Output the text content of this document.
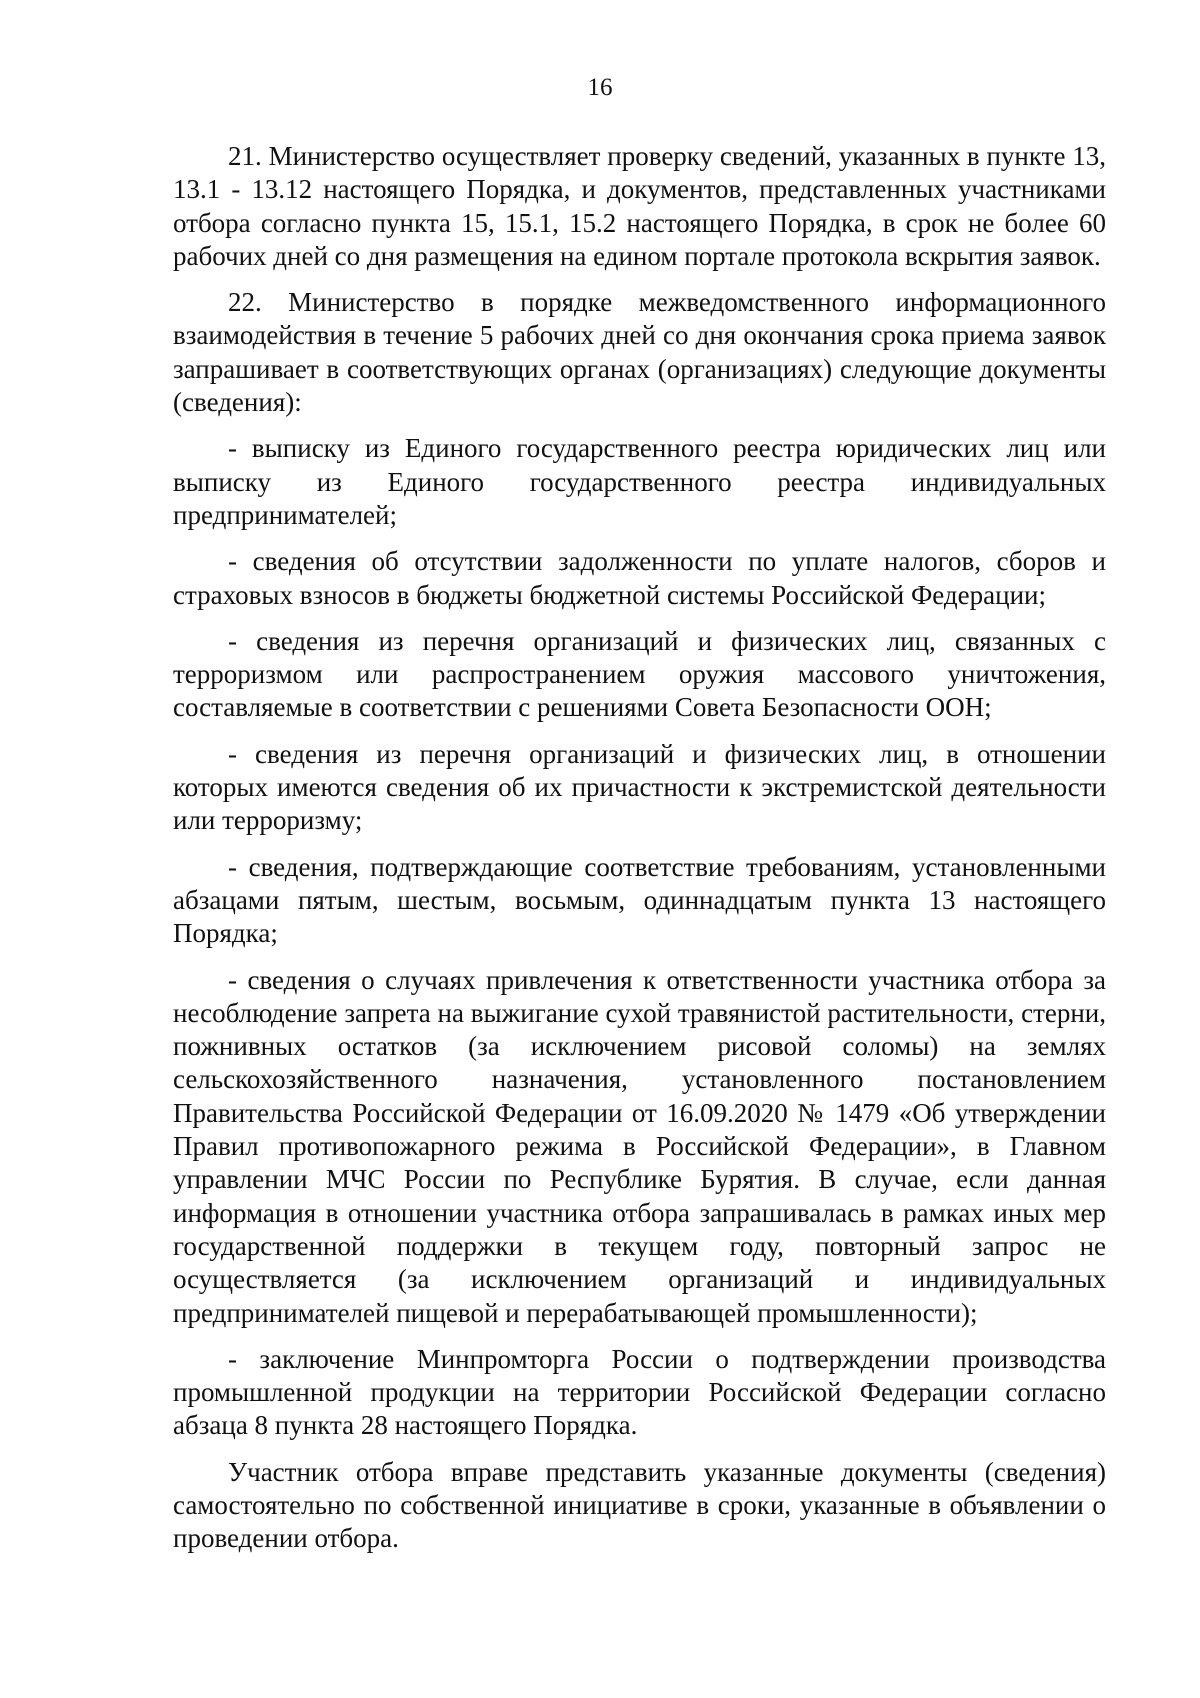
16

21. Министерство осуществляет проверку сведений, указанных в пункте 13, 13.1 - 13.12 настоящего Порядка, и документов, представленных участниками отбора согласно пункта 15, 15.1, 15.2 настоящего Порядка, в срок не более 60 рабочих дней со дня размещения на едином портале протокола вскрытия заявок.

22. Министерство в порядке межведомственного информационного взаимодействия в течение 5 рабочих дней со дня окончания срока приема заявок запрашивает в соответствующих органах (организациях) следующие документы (сведения):

- выписку из Единого государственного реестра юридических лиц или выписку из Единого государственного реестра индивидуальных предпринимателей;

- сведения об отсутствии задолженности по уплате налогов, сборов и страховых взносов в бюджеты бюджетной системы Российской Федерации;

- сведения из перечня организаций и физических лиц, связанных с терроризмом или распространением оружия массового уничтожения, составляемые в соответствии с решениями Совета Безопасности ООН;

- сведения из перечня организаций и физических лиц, в отношении которых имеются сведения об их причастности к экстремистской деятельности или терроризму;

- сведения, подтверждающие соответствие требованиям, установленными абзацами пятым, шестым, восьмым, одиннадцатым пункта 13 настоящего Порядка;

- сведения о случаях привлечения к ответственности участника отбора за несоблюдение запрета на выжигание сухой травянистой растительности, стерни, пожнивных остатков (за исключением рисовой соломы) на землях сельскохозяйственного назначения, установленного постановлением Правительства Российской Федерации от 16.09.2020 № 1479 «Об утверждении Правил противопожарного режима в Российской Федерации», в Главном управлении МЧС России по Республике Бурятия. В случае, если данная информация в отношении участника отбора запрашивалась в рамках иных мер государственной поддержки в текущем году, повторный запрос не осуществляется (за исключением организаций и индивидуальных предпринимателей пищевой и перерабатывающей промышленности);

- заключение Минпромторга России о подтверждении производства промышленной продукции на территории Российской Федерации согласно абзаца 8 пункта 28 настоящего Порядка.

Участник отбора вправе представить указанные документы (сведения) самостоятельно по собственной инициативе в сроки, указанные в объявлении о проведении отбора.
